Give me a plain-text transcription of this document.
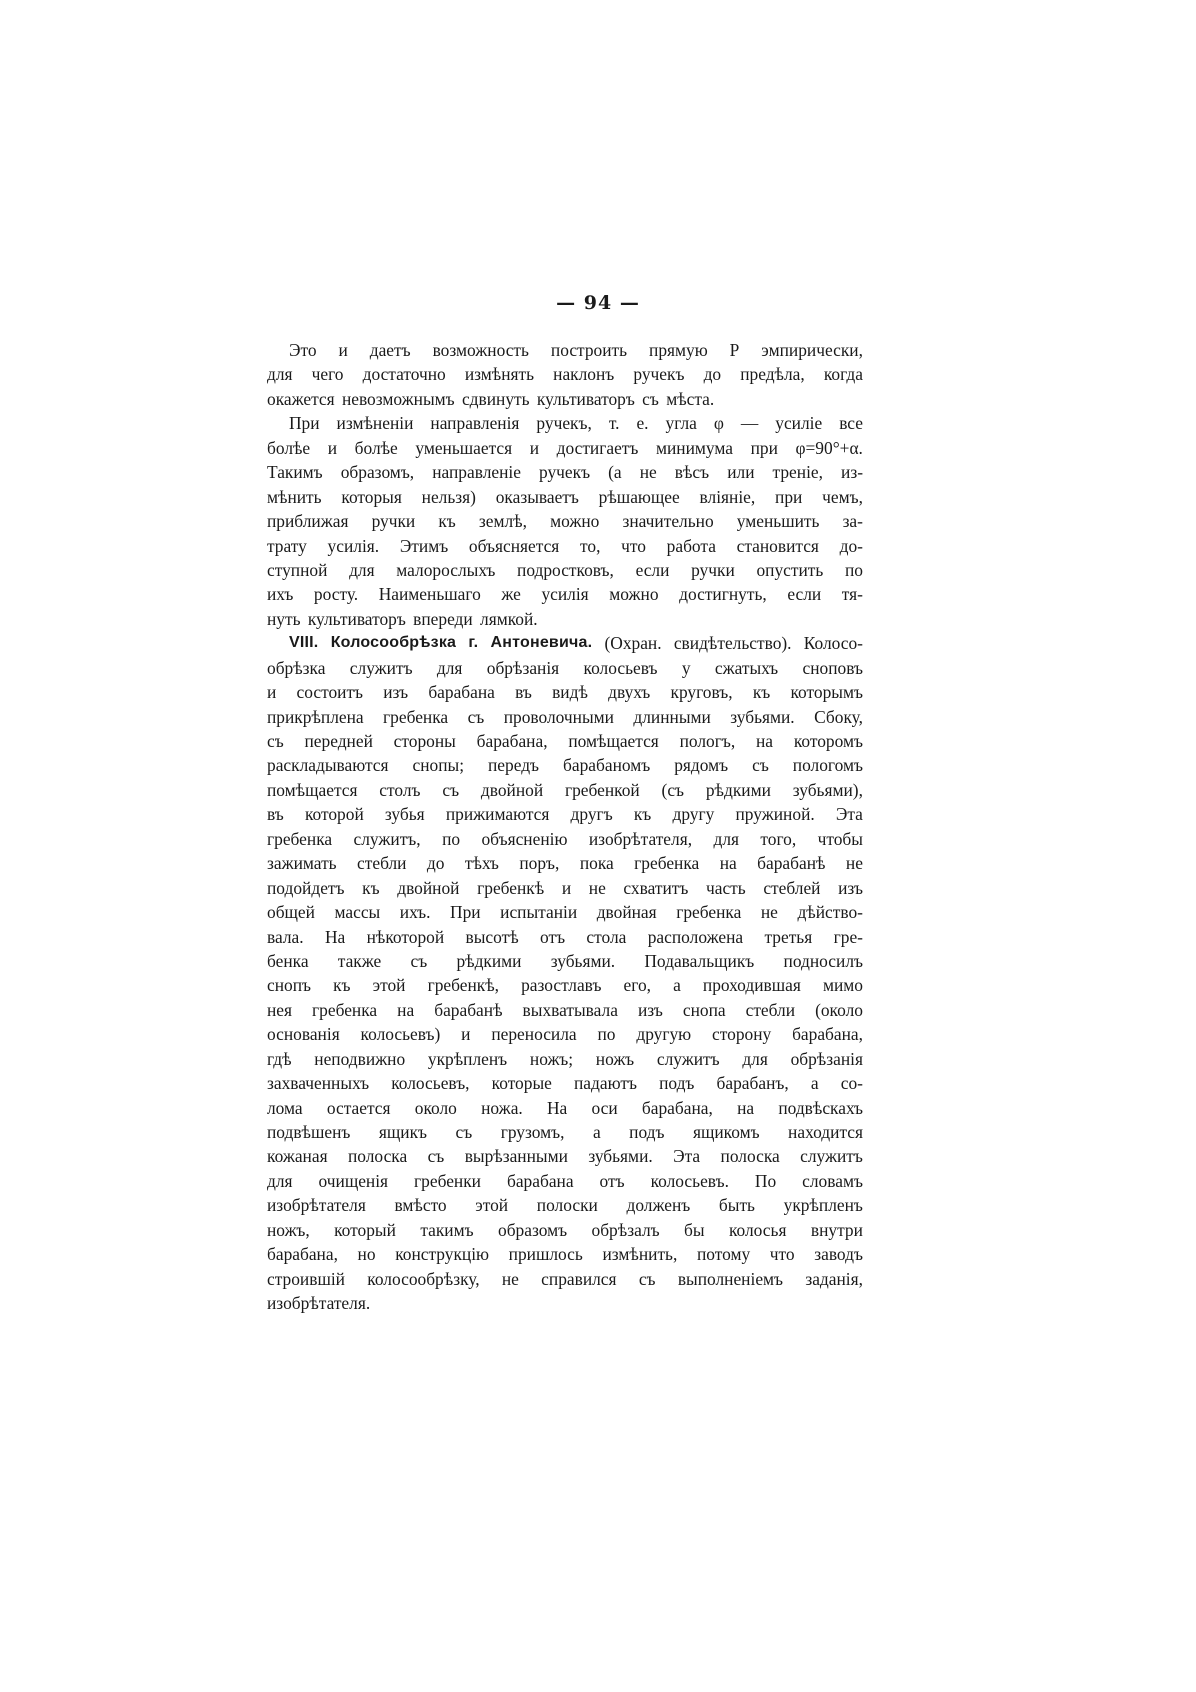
— 94 —
Это и даетъ возможность построить прямую P эмпирически,
для чего достаточно измѣнять наклонъ ручекъ до предѣла, когда
окажется невозможнымъ сдвинуть культиваторъ съ мѣста.
При измѣненіи направленія ручекъ, т. е. угла φ — усиліе все
болѣе и болѣе уменьшается и достигаетъ минимума при φ=90°+α.
Такимъ образомъ, направленіе ручекъ (а не вѣсъ или треніе, из-
мѣнить которыя нельзя) оказываетъ рѣшающее вліяніе, при чемъ,
приближая ручки къ землѣ, можно значительно уменьшить за-
трату усилія. Этимъ объясняется то, что работа становится до-
ступной для малорослыхъ подростковъ, если ручки опустить по
ихъ росту. Наименьшаго же усилія можно достигнуть, если тя-
нуть культиваторъ впереди лямкой.
VIII. Колосообрѣзка г. Антоневича. (Охран. свидѣтельство). Колосо-
обрѣзка служитъ для обрѣзанія колосьевъ у сжатыхъ сноповъ
и состоитъ изъ барабана въ видѣ двухъ круговъ, къ которымъ
прикрѣплена гребенка съ проволочными длинными зубьями. Сбоку,
съ передней стороны барабана, помѣщается пологъ, на которомъ
раскладываются снопы; передъ барабаномъ рядомъ съ пологомъ
помѣщается столъ съ двойной гребенкой (съ рѣдкими зубьями),
въ которой зубья прижимаются другъ къ другу пружиной. Эта
гребенка служитъ, по объясненію изобрѣтателя, для того, чтобы
зажимать стебли до тѣхъ поръ, пока гребенка на барабанѣ не
подойдетъ къ двойной гребенкѣ и не схватитъ часть стеблей изъ
общей массы ихъ. При испытаніи двойная гребенка не дѣйство-
вала. На нѣкоторой высотѣ отъ стола расположена третья гре-
бенка также съ рѣдкими зубьями. Подавальщикъ подносилъ
снопъ къ этой гребенкѣ, разостлавъ его, а проходившая мимо
нея гребенка на барабанѣ выхватывала изъ снопа стебли (около
основанія колосьевъ) и переносила по другую сторону барабана,
гдѣ неподвижно укрѣпленъ ножъ; ножъ служитъ для обрѣзанія
захваченныхъ колосьевъ, которые падаютъ подъ барабанъ, а со-
лома остается около ножа. На оси барабана, на подвѣскахъ
подвѣшенъ ящикъ съ грузомъ, а подъ ящикомъ находится
кожаная полоска съ вырѣзанными зубьями. Эта полоска служитъ
для очищенія гребенки барабана отъ колосьевъ. По словамъ
изобрѣтателя вмѣсто этой полоски долженъ быть укрѣпленъ
ножъ, который такимъ образомъ обрѣзалъ бы колосья внутри
барабана, но конструкцію пришлось измѣнить, потому что заводъ
строившій колосообрѣзку, не справился съ выполненіемъ заданія,
изобрѣтателя.
